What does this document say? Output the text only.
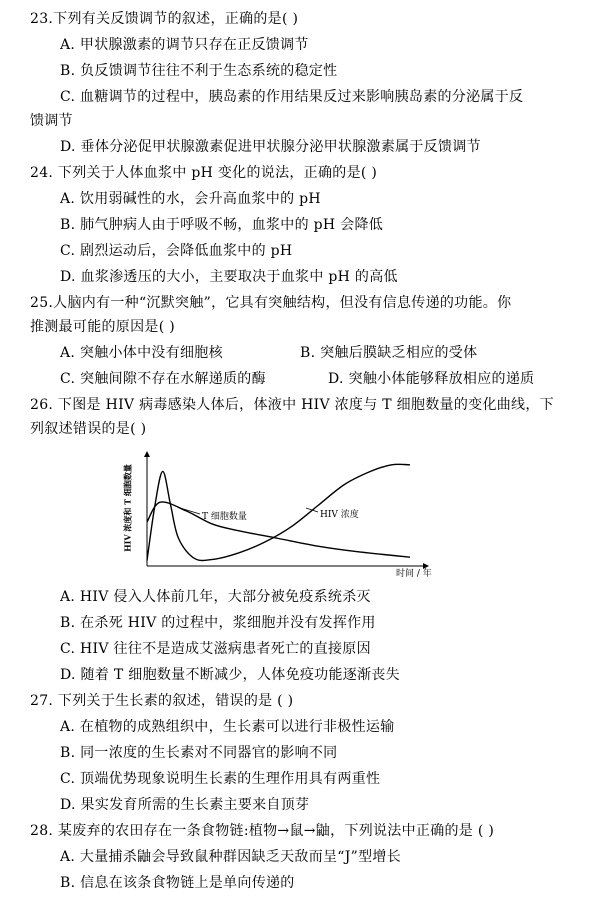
23.下列有关反馈调节的叙述，正确的是( )
A. 甲状腺激素的调节只存在正反馈调节
B. 负反馈调节往往不利于生态系统的稳定性
C. 血糖调节的过程中，胰岛素的作用结果反过来影响胰岛素的分泌属于反
馈调节
D. 垂体分泌促甲状腺激素促进甲状腺分泌甲状腺激素属于反馈调节
24. 下列关于人体血浆中 pH 变化的说法，正确的是( )
A. 饮用弱碱性的水，会升高血浆中的 pH
B. 肺气肿病人由于呼吸不畅，血浆中的 pH 会降低
C. 剧烈运动后，会降低血浆中的 pH
D. 血浆渗透压的大小，主要取决于血浆中 pH 的高低
25.人脑内有一种“沉默突触”，它具有突触结构，但没有信息传递的功能。你
推测最可能的原因是( )
A. 突触小体中没有细胞核	B. 突触后膜缺乏相应的受体
C. 突触间隙不存在水解递质的酶	D. 突触小体能够释放相应的递质
26. 下图是 HIV 病毒感染人体后，体液中 HIV 浓度与 T 细胞数量的变化曲线，下
列叙述错误的是( )
HIV 浓度和 T 细胞数量	T 细胞数量	HIV 浓度
时间 / 年
A. HIV 侵入人体前几年，大部分被免疫系统杀灭
B. 在杀死 HIV 的过程中，浆细胞并没有发挥作用
C. HIV 往往不是造成艾滋病患者死亡的直接原因
D. 随着 T 细胞数量不断减少，人体免疫功能逐渐丧失
27. 下列关于生长素的叙述，错误的是 ( )
A. 在植物的成熟组织中，生长素可以进行非极性运输
B. 同一浓度的生长素对不同器官的影响不同
C. 顶端优势现象说明生长素的生理作用具有两重性
D. 果实发育所需的生长素主要来自顶芽
28. 某废弃的农田存在一条食物链:植物→鼠→鼬，下列说法中正确的是 ( )
A. 大量捕杀鼬会导致鼠种群因缺乏天敌而呈“J”型增长
B. 信息在该条食物链上是单向传递的
